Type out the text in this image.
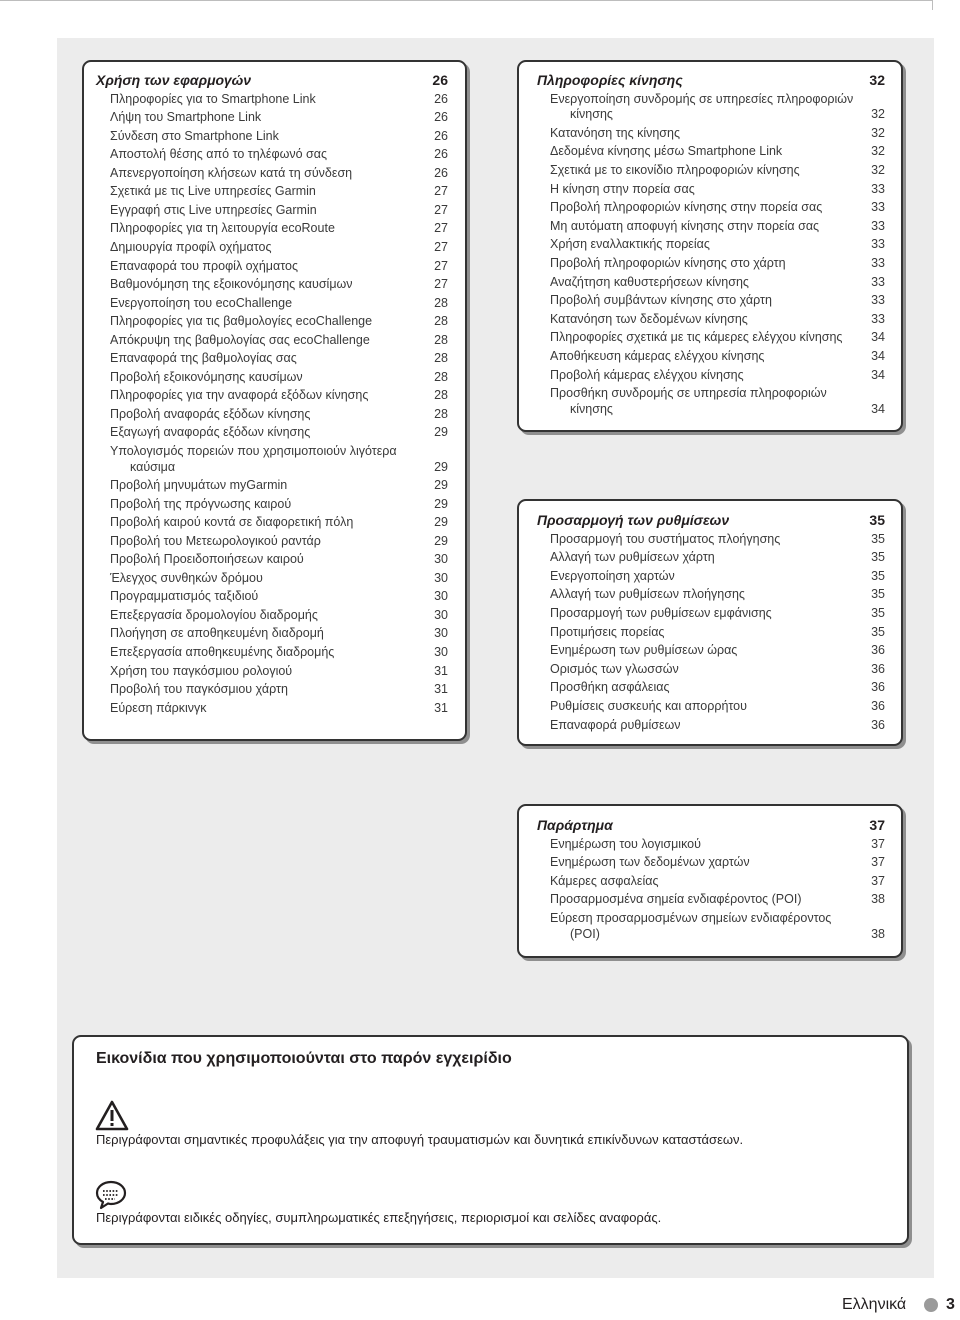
Εικονίδια που χρησιμοποιούνται στο παρόν εγχειρίδιο
Περιγράφονται σημαντικές προφυλάξεις για την αποφυγή τραυματισμών και δυνητικά επικίνδυνων καταστάσεων.
Περιγράφονται ειδικές οδηγίες, συμπληρωματικές επεξηγήσεις, περιορισμοί και σελίδες αναφοράς.
Ελληνικά 3
Χρήση των εφαρμογών	26
Πληροφορίες για το Smartphone Link	26
Λήψη του Smartphone Link	26
Σύνδεση στο Smartphone Link	26
Αποστολή θέσης από το τηλέφωνό σας	26
Απενεργοποίηση κλήσεων κατά τη σύνδεση	26
Σχετικά με τις Live υπηρεσίες Garmin	27
Εγγραφή στις Live υπηρεσίες Garmin	27
Πληροφορίες για τη λειτουργία ecoRoute	27
Δημιουργία προφίλ οχήματος	27
Επαναφορά του προφίλ οχήματος	27
Βαθμονόμηση της εξοικονόμησης καυσίμων	27
Ενεργοποίηση του ecoChallenge	28
Πληροφορίες για τις βαθμολογίες ecoChallenge	28
Απόκρυψη της βαθμολογίας σας ecoChallenge	28
Επαναφορά της βαθμολογίας σας	28
Προβολή εξοικονόμησης καυσίμων	28
Πληροφορίες για την αναφορά εξόδων κίνησης	28
Προβολή αναφοράς εξόδων κίνησης	28
Εξαγωγή αναφοράς εξόδων κίνησης	29
Υπολογισμός πορειών που χρησιμοποιούν λιγότερα
καύσιμα	29
Προβολή μηνυμάτων myGarmin	29
Προβολή της πρόγνωσης καιρού	29
Προβολή καιρού κοντά σε διαφορετική πόλη	29
Προβολή του Μετεωρολογικού ραντάρ	29
Προβολή Προειδοποιήσεων καιρού	30
Έλεγχος συνθηκών δρόμου	30
Προγραμματισμός ταξιδιού	30
Επεξεργασία δρομολογίου διαδρομής	30
Πλοήγηση σε αποθηκευμένη διαδρομή	30
Επεξεργασία αποθηκευμένης διαδρομής	30
Χρήση του παγκόσμιου ρολογιού	31
Προβολή του παγκόσμιου χάρτη	31
Εύρεση πάρκινγκ	31
Πληροφορίες κίνησης	32
Ενεργοποίηση συνδρομής σε υπηρεσίες πληροφοριών
κίνησης	32
Κατανόηση της κίνησης	32
Δεδομένα κίνησης μέσω Smartphone Link	32
Σχετικά με το εικονίδιο πληροφοριών κίνησης	32
Η κίνηση στην πορεία σας	33
Προβολή πληροφοριών κίνησης στην πορεία σας	33
Μη αυτόματη αποφυγή κίνησης στην πορεία σας	33
Χρήση εναλλακτικής πορείας	33
Προβολή πληροφοριών κίνησης στο χάρτη	33
Αναζήτηση καθυστερήσεων κίνησης	33
Προβολή συμβάντων κίνησης στο χάρτη	33
Κατανόηση των δεδομένων κίνησης	33
Πληροφορίες σχετικά με τις κάμερες ελέγχου κίνησης	34
Αποθήκευση κάμερας ελέγχου κίνησης	34
Προβολή κάμερας ελέγχου κίνησης	34
Προσθήκη συνδρομής σε υπηρεσία πληροφοριών
κίνησης	34
Προσαρμογή των ρυθμίσεων	35
Προσαρμογή του συστήματος πλοήγησης	35
Αλλαγή των ρυθμίσεων χάρτη	35
Ενεργοποίηση χαρτών	35
Αλλαγή των ρυθμίσεων πλοήγησης	35
Προσαρμογή των ρυθμίσεων εμφάνισης	35
Προτιμήσεις πορείας	35
Ενημέρωση των ρυθμίσεων ώρας	36
Ορισμός των γλωσσών	36
Προσθήκη ασφάλειας	36
Ρυθμίσεις συσκευής και απορρήτου	36
Επαναφορά ρυθμίσεων	36
Παράρτημα	37
Ενημέρωση του λογισμικού	37
Ενημέρωση των δεδομένων χαρτών	37
Κάμερες ασφαλείας	37
Προσαρμοσμένα σημεία ενδιαφέροντος (POI)	38
Εύρεση προσαρμοσμένων σημείων ενδιαφέροντος
(POI)	38
